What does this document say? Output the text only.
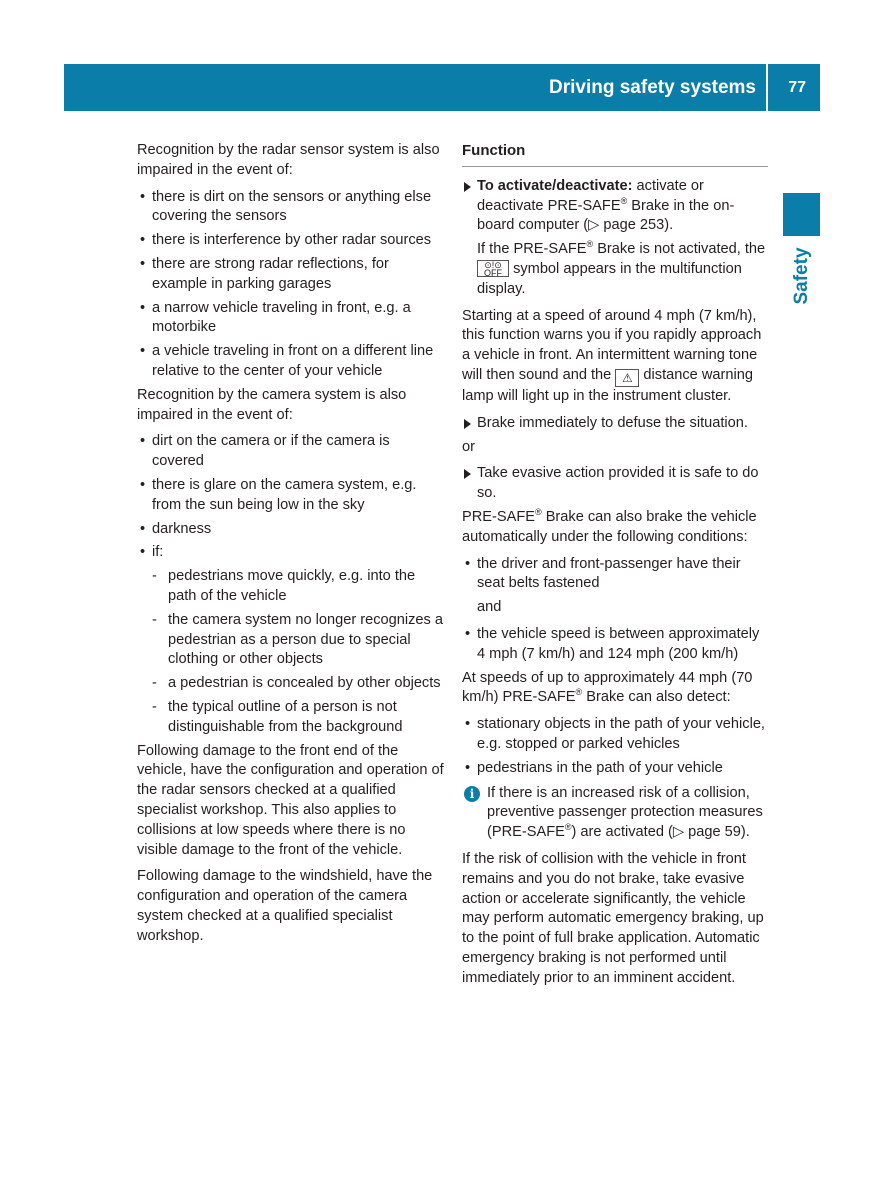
Driving safety systems 77
Safety

Recognition by the radar sensor system is also impaired in the event of:

• there is dirt on the sensors or anything else covering the sensors
• there is interference by other radar sources
• there are strong radar reflections, for example in parking garages
• a narrow vehicle traveling in front, e.g. a motorbike
• a vehicle traveling in front on a different line relative to the center of your vehicle

Recognition by the camera system is also impaired in the event of:

• dirt on the camera or if the camera is covered
• there is glare on the camera system, e.g. from the sun being low in the sky
• darkness
• if:
- pedestrians move quickly, e.g. into the path of the vehicle
- the camera system no longer recognizes a pedestrian as a person due to special clothing or other objects
- a pedestrian is concealed by other objects
- the typical outline of a person is not distinguishable from the background

Following damage to the front end of the vehicle, have the configuration and operation of the radar sensors checked at a qualified specialist workshop. This also applies to collisions at low speeds where there is no visible damage to the front of the vehicle.

Following damage to the windshield, have the configuration and operation of the camera system checked at a qualified specialist workshop.

Function
To activate/deactivate: activate or deactivate PRE-SAFE® Brake in the on-board computer (▷ page 253).

If the PRE-SAFE® Brake is not activated, the
⊙!⊙
OFF symbol appears in the multifunction display.

Starting at a speed of around 4 mph (7 km/h), this function warns you if you rapidly approach a vehicle in front. An intermittent warning tone will then sound and the ⚠ distance warning lamp will light up in the instrument cluster.

Brake immediately to defuse the situation.

or

Take evasive action provided it is safe to do so.

PRE-SAFE® Brake can also brake the vehicle automatically under the following conditions:

• the driver and front-passenger have their seat belts fastened

and

• the vehicle speed is between approximately 4 mph (7 km/h) and 124 mph (200 km/h)

At speeds of up to approximately 44 mph (70 km/h) PRE-SAFE® Brake can also detect:

• stationary objects in the path of your vehicle, e.g. stopped or parked vehicles
• pedestrians in the path of your vehicle
i If there is an increased risk of a collision, preventive passenger protection measures (PRE-SAFE®) are activated (▷ page 59).

If the risk of collision with the vehicle in front remains and you do not brake, take evasive action or accelerate significantly, the vehicle may perform automatic emergency braking, up to the point of full brake application. Automatic emergency braking is not performed until immediately prior to an imminent accident.
